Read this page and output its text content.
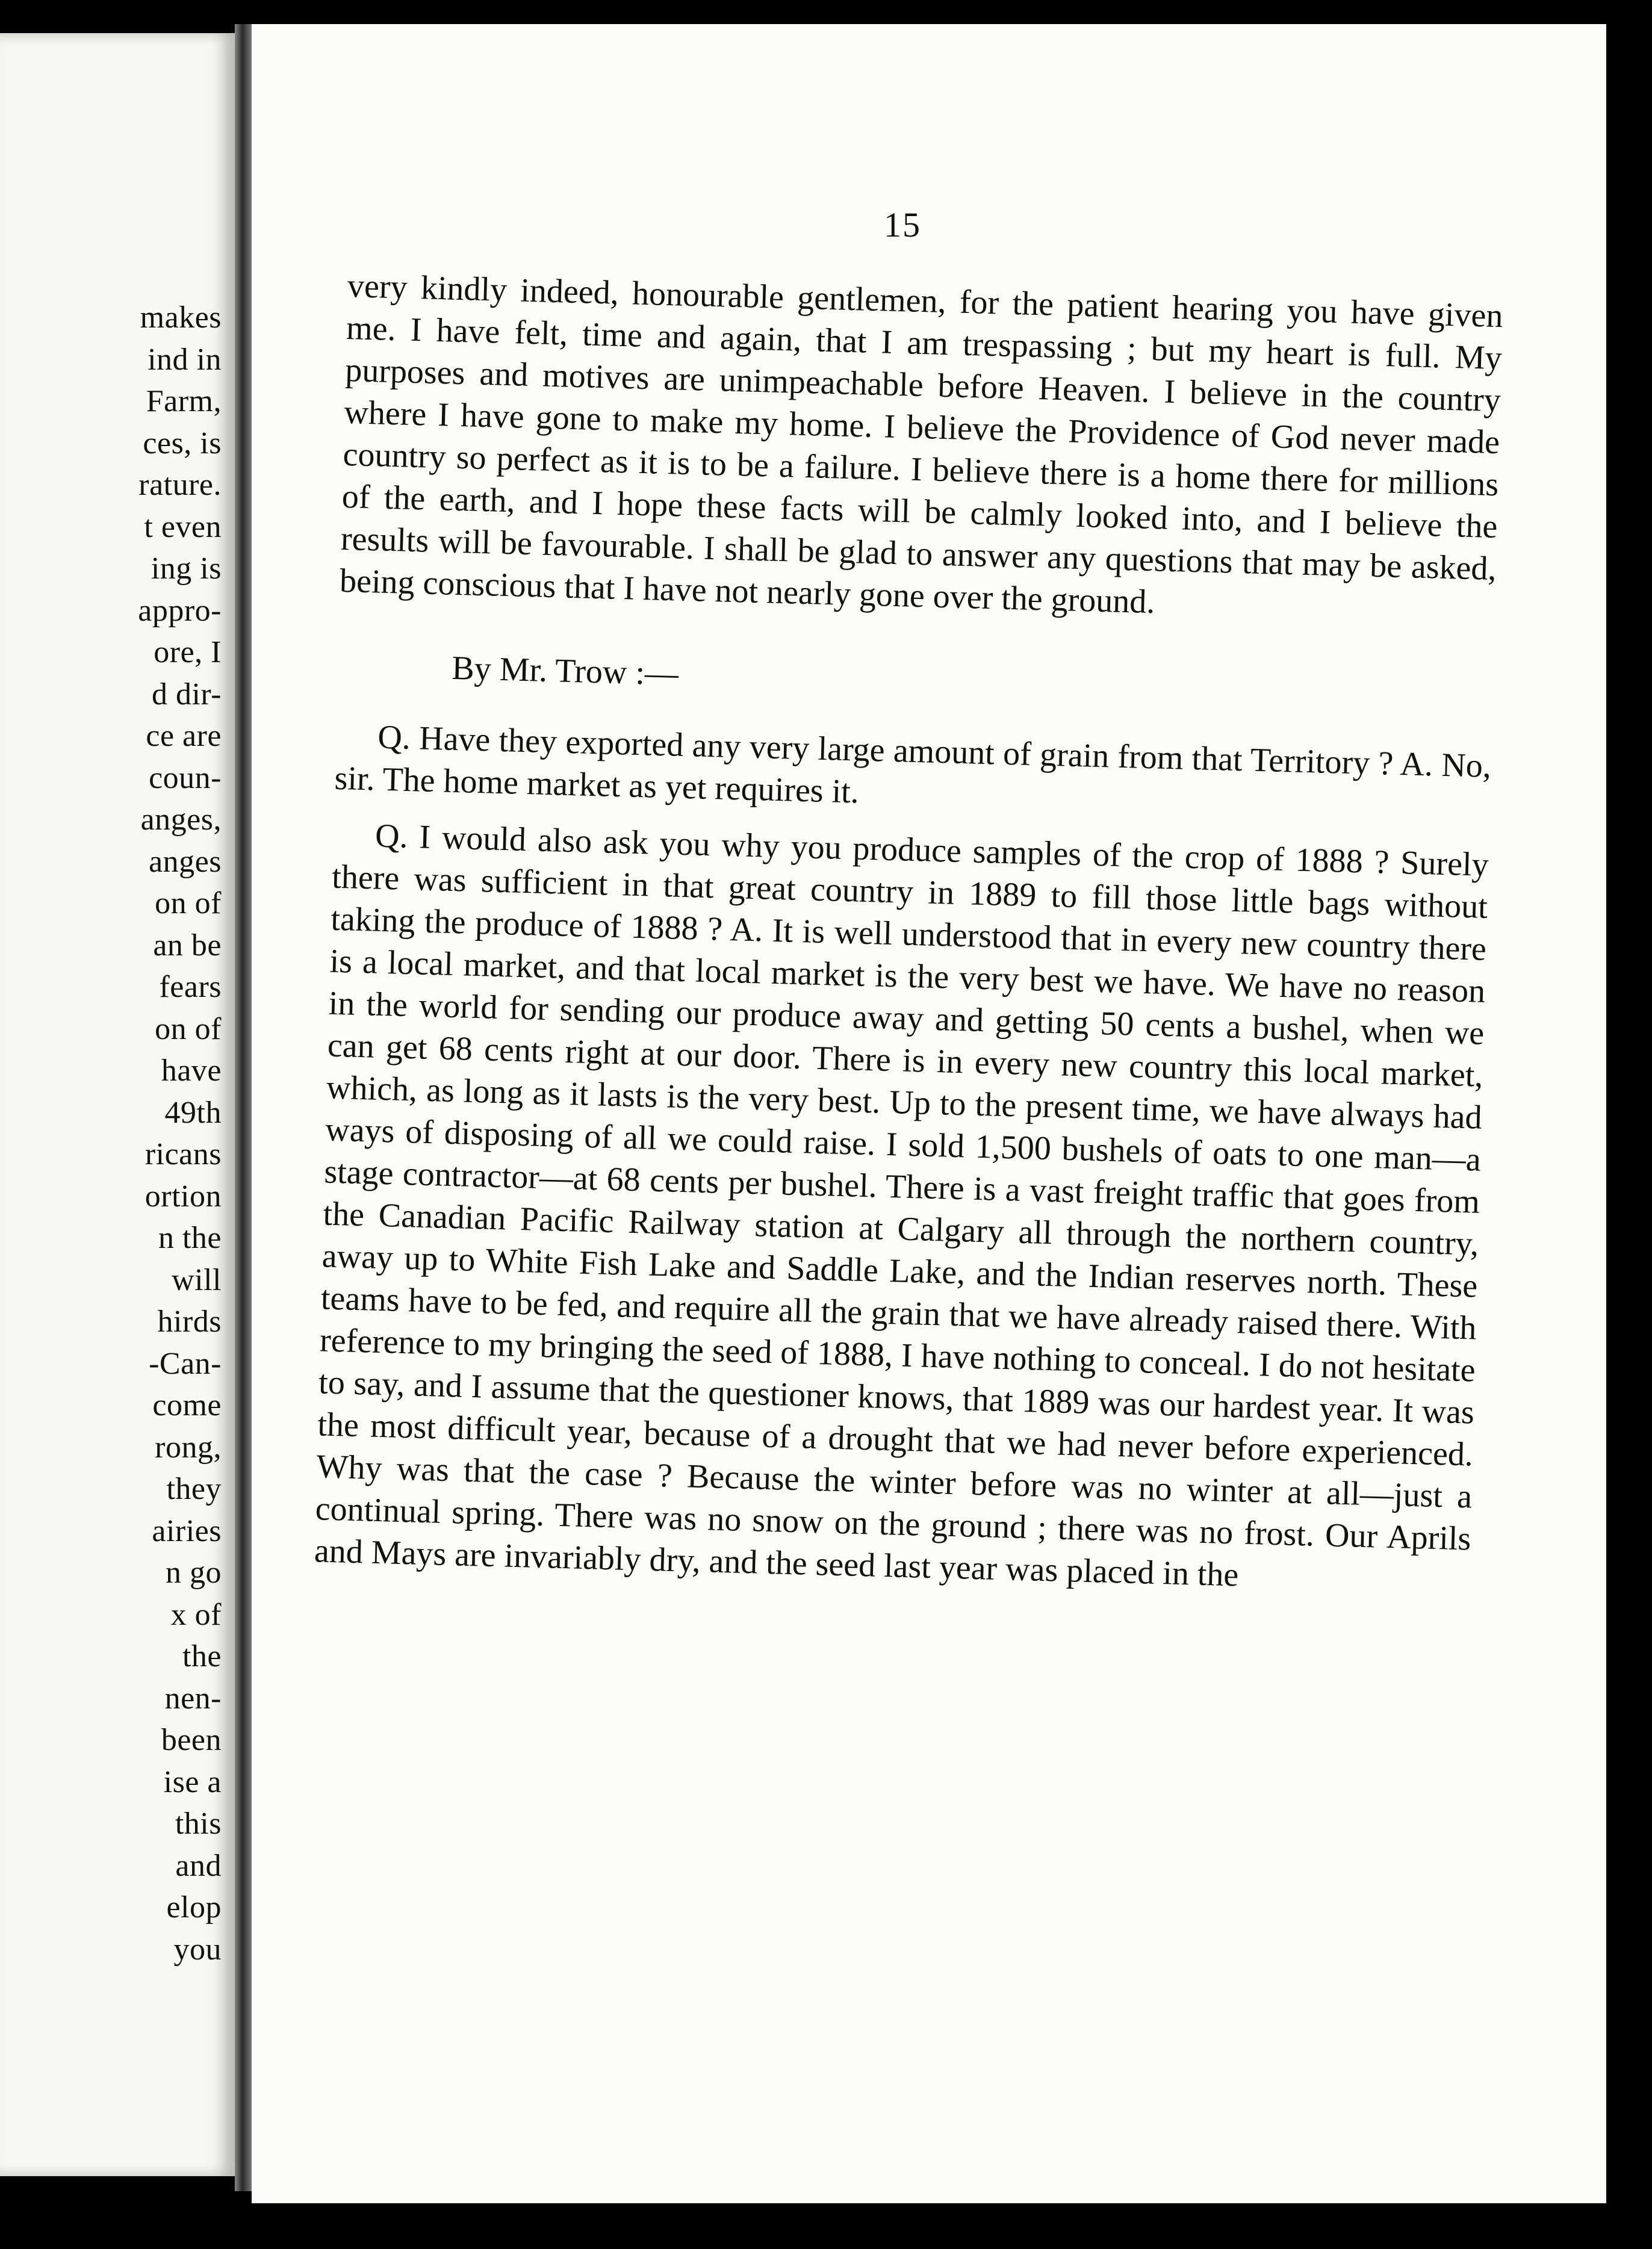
makes
ind in
Farm,
ces, is
rature.
t even
ing is
appro-
ore, I
d dir-
ce are
coun-
anges,
anges
on of
an be
fears
on of
have
49th
ricans
ortion
n the
will
hirds
-Can-
come
rong,
they
airies
n go
x of
the
nen-
been
ise a
this
and
elop
you
15

very kindly indeed, honourable gentlemen, for the patient hearing you have given me. I have felt, time and again, that I am trespassing ; but my heart is full. My purposes and motives are unimpeachable before Heaven. I believe in the country where I have gone to make my home. I believe the Providence of God never made country so perfect as it is to be a failure. I believe there is a home there for millions of the earth, and I hope these facts will be calmly looked into, and I believe the results will be favourable. I shall be glad to answer any questions that may be asked, being conscious that I have not nearly gone over the ground.

By Mr. Trow :—

Q. Have they exported any very large amount of grain from that Territory ? A. No, sir. The home market as yet requires it.

Q. I would also ask you why you produce samples of the crop of 1888 ? Surely there was sufficient in that great country in 1889 to fill those little bags without taking the produce of 1888 ? A. It is well understood that in every new country there is a local market, and that local market is the very best we have. We have no reason in the world for sending our produce away and getting 50 cents a bushel, when we can get 68 cents right at our door. There is in every new country this local market, which, as long as it lasts is the very best. Up to the present time, we have always had ways of disposing of all we could raise. I sold 1,500 bushels of oats to one man—a stage contractor—at 68 cents per bushel. There is a vast freight traffic that goes from the Canadian Pacific Railway station at Calgary all through the northern country, away up to White Fish Lake and Saddle Lake, and the Indian reserves north. These teams have to be fed, and require all the grain that we have already raised there. With reference to my bringing the seed of 1888, I have nothing to conceal. I do not hesitate to say, and I assume that the questioner knows, that 1889 was our hardest year. It was the most difficult year, because of a drought that we had never before experienced. Why was that the case ? Because the winter before was no winter at all—just a continual spring. There was no snow on the ground ; there was no frost. Our Aprils and Mays are invariably dry, and the seed last year was placed in the
